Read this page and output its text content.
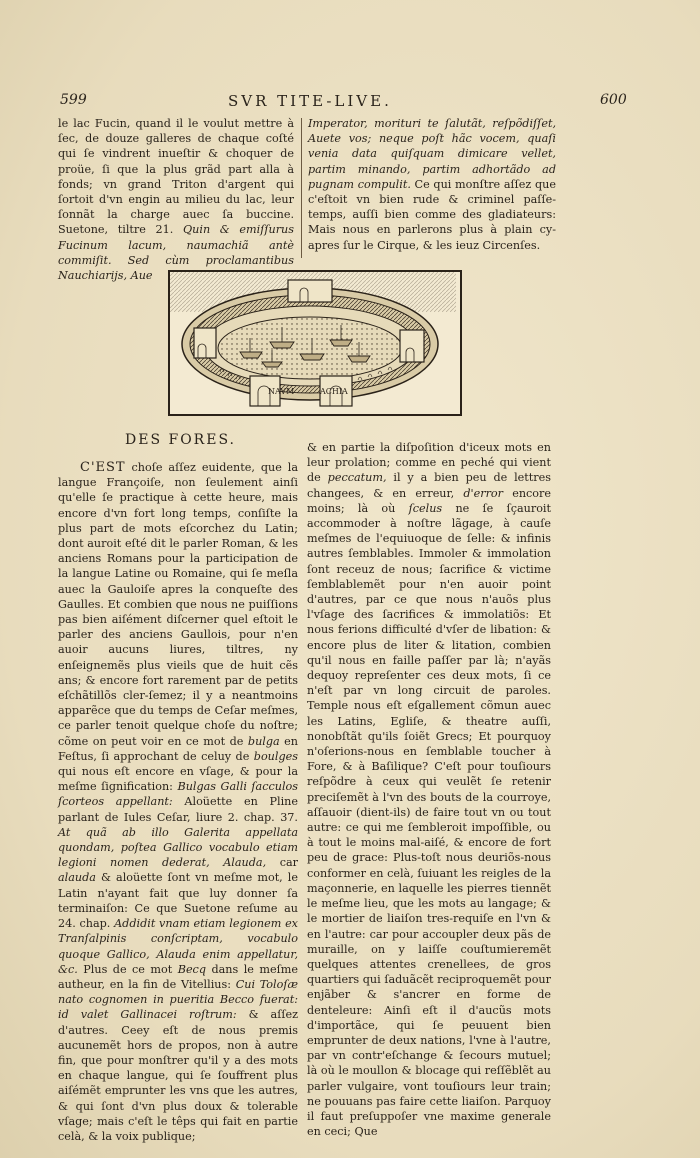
599	SVR TITE-LIVE.	600

le lac Fucin, quand il le voulut mettre à ſec, de douze galleres de chaque coſté qui ſe vindrent inueſtir & choquer de proüe, ſi que la plus grãd part alla à fonds; vn grand Triton d'argent qui ſortoit d'vn engin au milieu du lac, leur ſonnãt la charge auec ſa buccine. Suetone, tiltre 21. Quin & emiſſurus Fucinum lacum, naumachiã antè commiſit. Sed cùm proclamantibus Nauchiarijs, Aue

Imperator, morituri te ſalutãt, reſpõdiſſet, Auete vos; neque poſt hãc vocem, quaſi venia data quiſquam dimicare vellet, partim minando, partim adhortãdo ad pugnam compulit. Ce qui monſtre aſſez que c'eſtoit vn bien rude & criminel paſſe-temps, auſſi bien comme des gladiateurs: Mais nous en parlerons plus à plain cy-apres ſur le Cirque, & les ieuz Circenſes.

NAVM	ACHIA
DES FORES.

C'EST choſe aſſez euidente, que la langue Françoiſe, non ſeulement ainſi qu'elle ſe practique à cette heure, mais encore d'vn fort long temps, conſiſte la plus part de mots eſcorchez du Latin; dont auroit eſté dit le parler Roman, & les anciens Romans pour la participation de la langue Latine ou Romaine, qui ſe meſla auec la Gauloiſe apres la conqueſte des Gaulles. Et combien que nous ne puiſſions pas bien aiſément diſcerner quel eſtoit le parler des anciens Gaullois, pour n'en auoir aucuns liures, tiltres, ny enſeignemẽs plus vieils que de huit cẽs ans; & encore fort rarement par de petits eſchãtillõs cler-ſemez; il y a neantmoins apparẽce que du temps de Ceſar meſmes, ce parler tenoit quelque choſe du noſtre; cõme on peut voir en ce mot de bulga en Feſtus, ſi approchant de celuy de boulges qui nous eſt encore en vſage, & pour la meſme ſignification: Bulgas Galli ſacculos ſcorteos appellant: Aloüette en Pline parlant de Iules Ceſar, liure 2. chap. 37. At quã ab illo Galerita appellata quondam, poſtea Gallico vocabulo etiam legioni nomen dederat, Alauda, car alauda & aloüette ſont vn meſme mot, le Latin n'ayant fait que luy donner ſa terminaiſon: Ce que Suetone reſume au 24. chap. Addidit vnam etiam legionem ex Tranſalpinis conſcriptam, vocabulo quoque Gallico, Alauda enim appellatur, &c. Plus de ce mot Becq dans le meſme autheur, en la fin de Vitellius: Cui Toloſæ nato cognomen in pueritia Becco fuerat: id valet Gallinacei roſtrum: & aſſez d'autres. Ceey eſt de nous premis aucunemẽt hors de propos, non à autre fin, que pour monſtrer qu'il y a des mots en chaque langue, qui ſe ſouffrent plus aiſémẽt emprunter les vns que les autres, & qui ſont d'vn plus doux & tolerable vſage; mais c'eſt le têps qui fait en partie celà, & la voix publique;

& en partie la diſpoſition d'iceux mots en leur prolation; comme en peché qui vient de peccatum, il y a bien peu de lettres changees, & en erreur, d'error encore moins; là où ſcelus ne ſe ſçauroit accommoder à noſtre lãgage, à cauſe meſmes de l'equiuoque de ſelle: & infinis autres ſemblables. Immoler & immolation ſont receuz de nous; ſacrifice & victime ſemblablemẽt pour n'en auoir point d'autres, par ce que nous n'auõs plus l'vſage des ſacrifices & immolatiõs: Et nous ferions difficulté d'vſer de libation: & encore plus de liter & litation, combien qu'il nous en faille paſſer par là; n'ayãs dequoy repreſenter ces deux mots, ſi ce n'eſt par vn long circuit de paroles. Temple nous eſt eſgallement cõmun auec les Latins, Egliſe, & theatre auſſi, nonobſtãt qu'ils ſoiẽt Grecs; Et pourquoy n'oſerions-nous en ſemblable toucher à Fore, & à Baſilique? C'eſt pour touſiours reſpõdre à ceux qui veulẽt ſe retenir preciſemẽt à l'vn des bouts de la courroye, aſſauoir (dient-ils) de faire tout vn ou tout autre: ce qui me ſembleroit impoſſible, ou à tout le moins mal-aiſé, & encore de fort peu de grace: Plus-toſt nous deuriõs-nous conformer en celà, ſuiuant les reigles de la maçonnerie, en laquelle les pierres tiennẽt le meſme lieu, que les mots au langage; & le mortier de liaiſon tres-requiſe en l'vn & en l'autre: car pour accoupler deux pãs de muraille, on y laiſſe couſtumieremẽt quelques attentes crenellees, de gros quartiers qui ſaduãcẽt reciproquemẽt pour enjãber & s'ancrer en forme de denteleure: Ainſi eſt il d'aucũs mots d'importãce, qui ſe peuuent bien emprunter de deux nations, l'vne à l'autre, par vn contr'eſchange & ſecours mutuel; là où le moullon & blocage qui reſſẽblẽt au parler vulgaire, vont touſiours leur train; ne pouuans pas faire cette liaiſon. Parquoy il faut preſuppoſer vne maxime generale en ceci; Que
